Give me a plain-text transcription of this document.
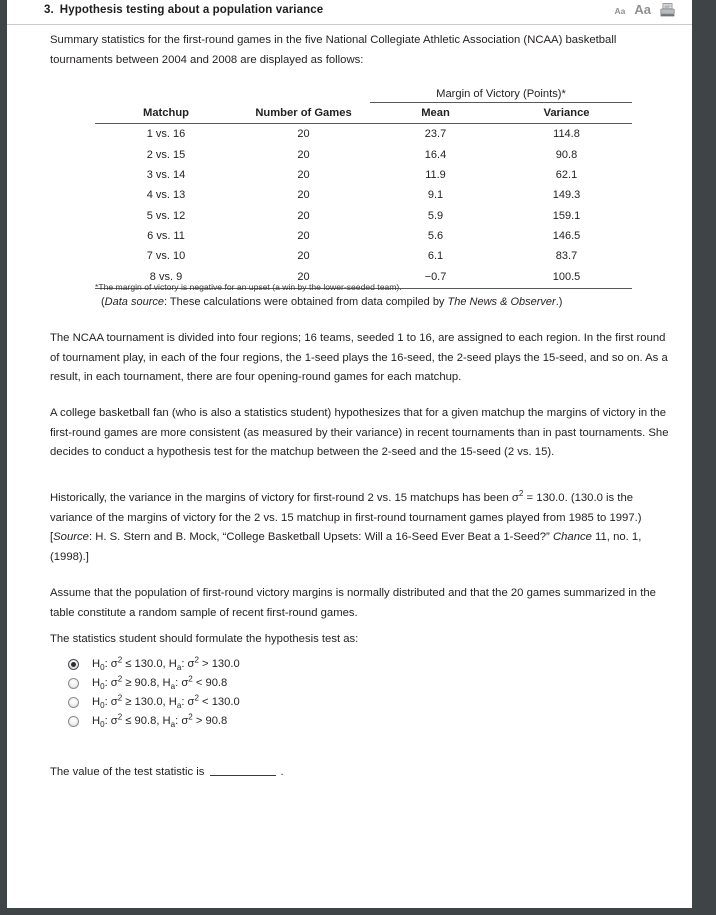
3. Hypothesis testing about a population variance	Aa Aa
Summary statistics for the first-round games in the five National Collegiate Athletic Association (NCAA) basketball tournaments between 2004 and 2008 are displayed as follows:
		Margin of Victory (Points)*	
Matchup	Number of Games	Mean	Variance

1 vs. 16	20	23.7	114.8
2 vs. 15	20	16.4	90.8
3 vs. 14	20	11.9	62.1
4 vs. 13	20	9.1	149.3
5 vs. 12	20	5.9	159.1
6 vs. 11	20	5.6	146.5
7 vs. 10	20	6.1	83.7
8 vs. 9	20	−0.7	100.5

*The margin of victory is negative for an upset (a win by the lower-seeded team).
(Data source: These calculations were obtained from data compiled by The News & Observer.)
The NCAA tournament is divided into four regions; 16 teams, seeded 1 to 16, are assigned to each region. In the first round of tournament play, in each of the four regions, the 1-seed plays the 16-seed, the 2-seed plays the 15-seed, and so on. As a result, in each tournament, there are four opening-round games for each matchup.
A college basketball fan (who is also a statistics student) hypothesizes that for a given matchup the margins of victory in the first-round games are more consistent (as measured by their variance) in recent tournaments than in past tournaments. She decides to conduct a hypothesis test for the matchup between the 2-seed and the 15-seed (2 vs. 15).
Historically, the variance in the margins of victory for first-round 2 vs. 15 matchups has been $\sigma^2 = 130.0$. (130.0 is the variance of the margins of victory for the 2 vs. 15 matchup in first-round tournament games played from 1985 to 1997.) [Source: H. S. Stern and B. Mock, “College Basketball Upsets: Will a 16-Seed Ever Beat a 1-Seed?” Chance 11, no. 1, (1998).]
Assume that the population of first-round victory margins is normally distributed and that the 20 games summarized in the table constitute a random sample of recent first-round games.
The statistics student should formulate the hypothesis test as:
$H_0$: $\sigma^2 \le 130.0$, $H_a$: $\sigma^2 > 130.0$
$H_0$: $\sigma^2 \ge 90.8$, $H_a$: $\sigma^2 < 90.8$
$H_0$: $\sigma^2 \ge 130.0$, $H_a$: $\sigma^2 < 130.0$
$H_0$: $\sigma^2 \le 90.8$, $H_a$: $\sigma^2 > 90.8$
The value of the test statistic is	.
